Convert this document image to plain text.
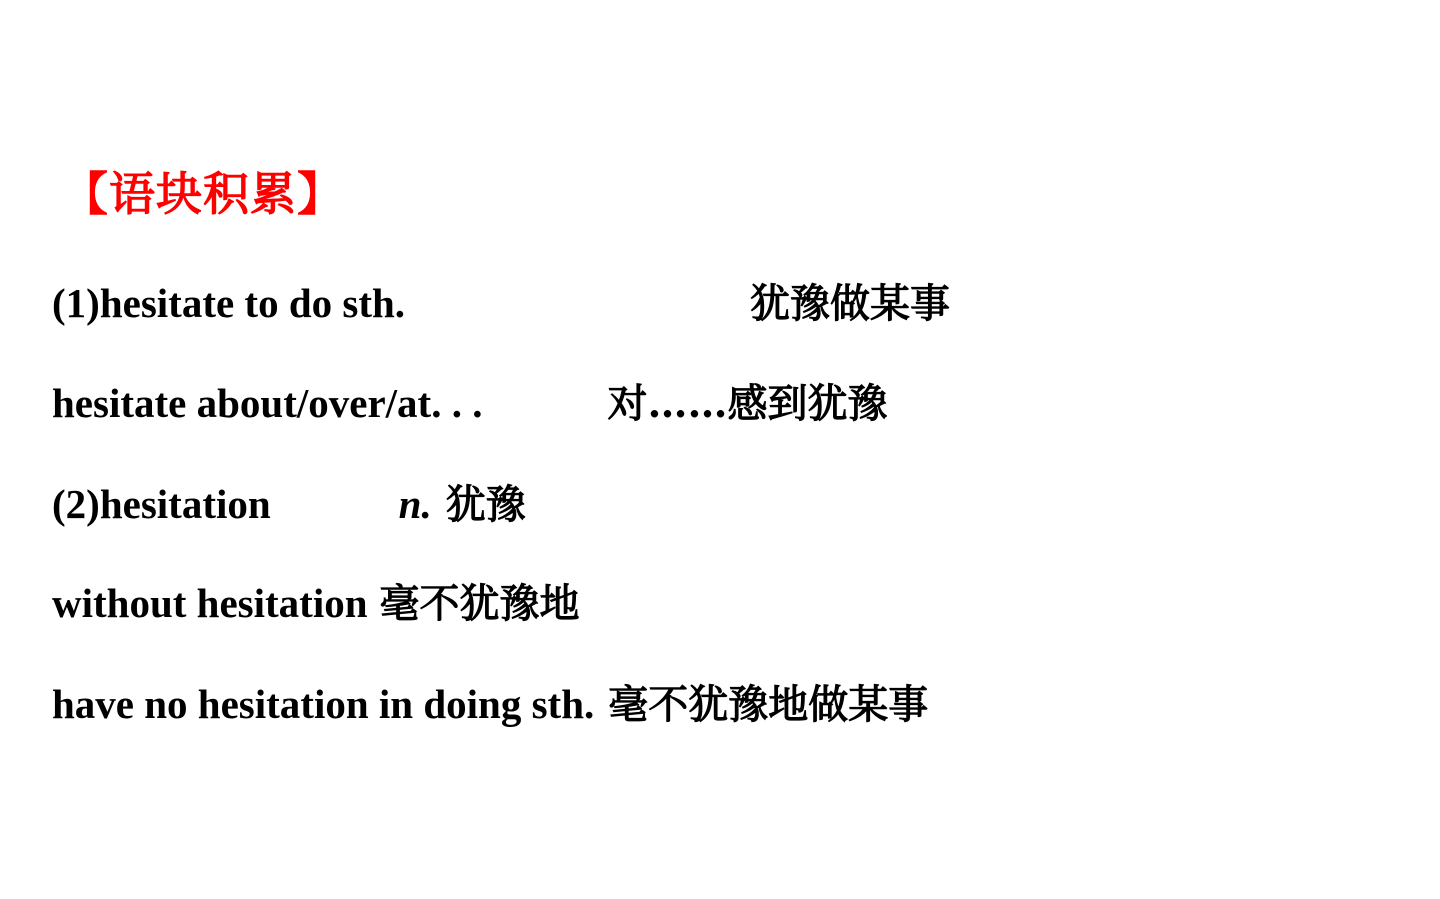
【语块积累】
(1)hesitate to do sth.	犹豫做某事
hesitate about/over/at. . .	对……感到犹豫
(2)hesitation	n. 犹豫
without hesitation 毫不犹豫地
have no hesitation in doing sth. 毫不犹豫地做某事
